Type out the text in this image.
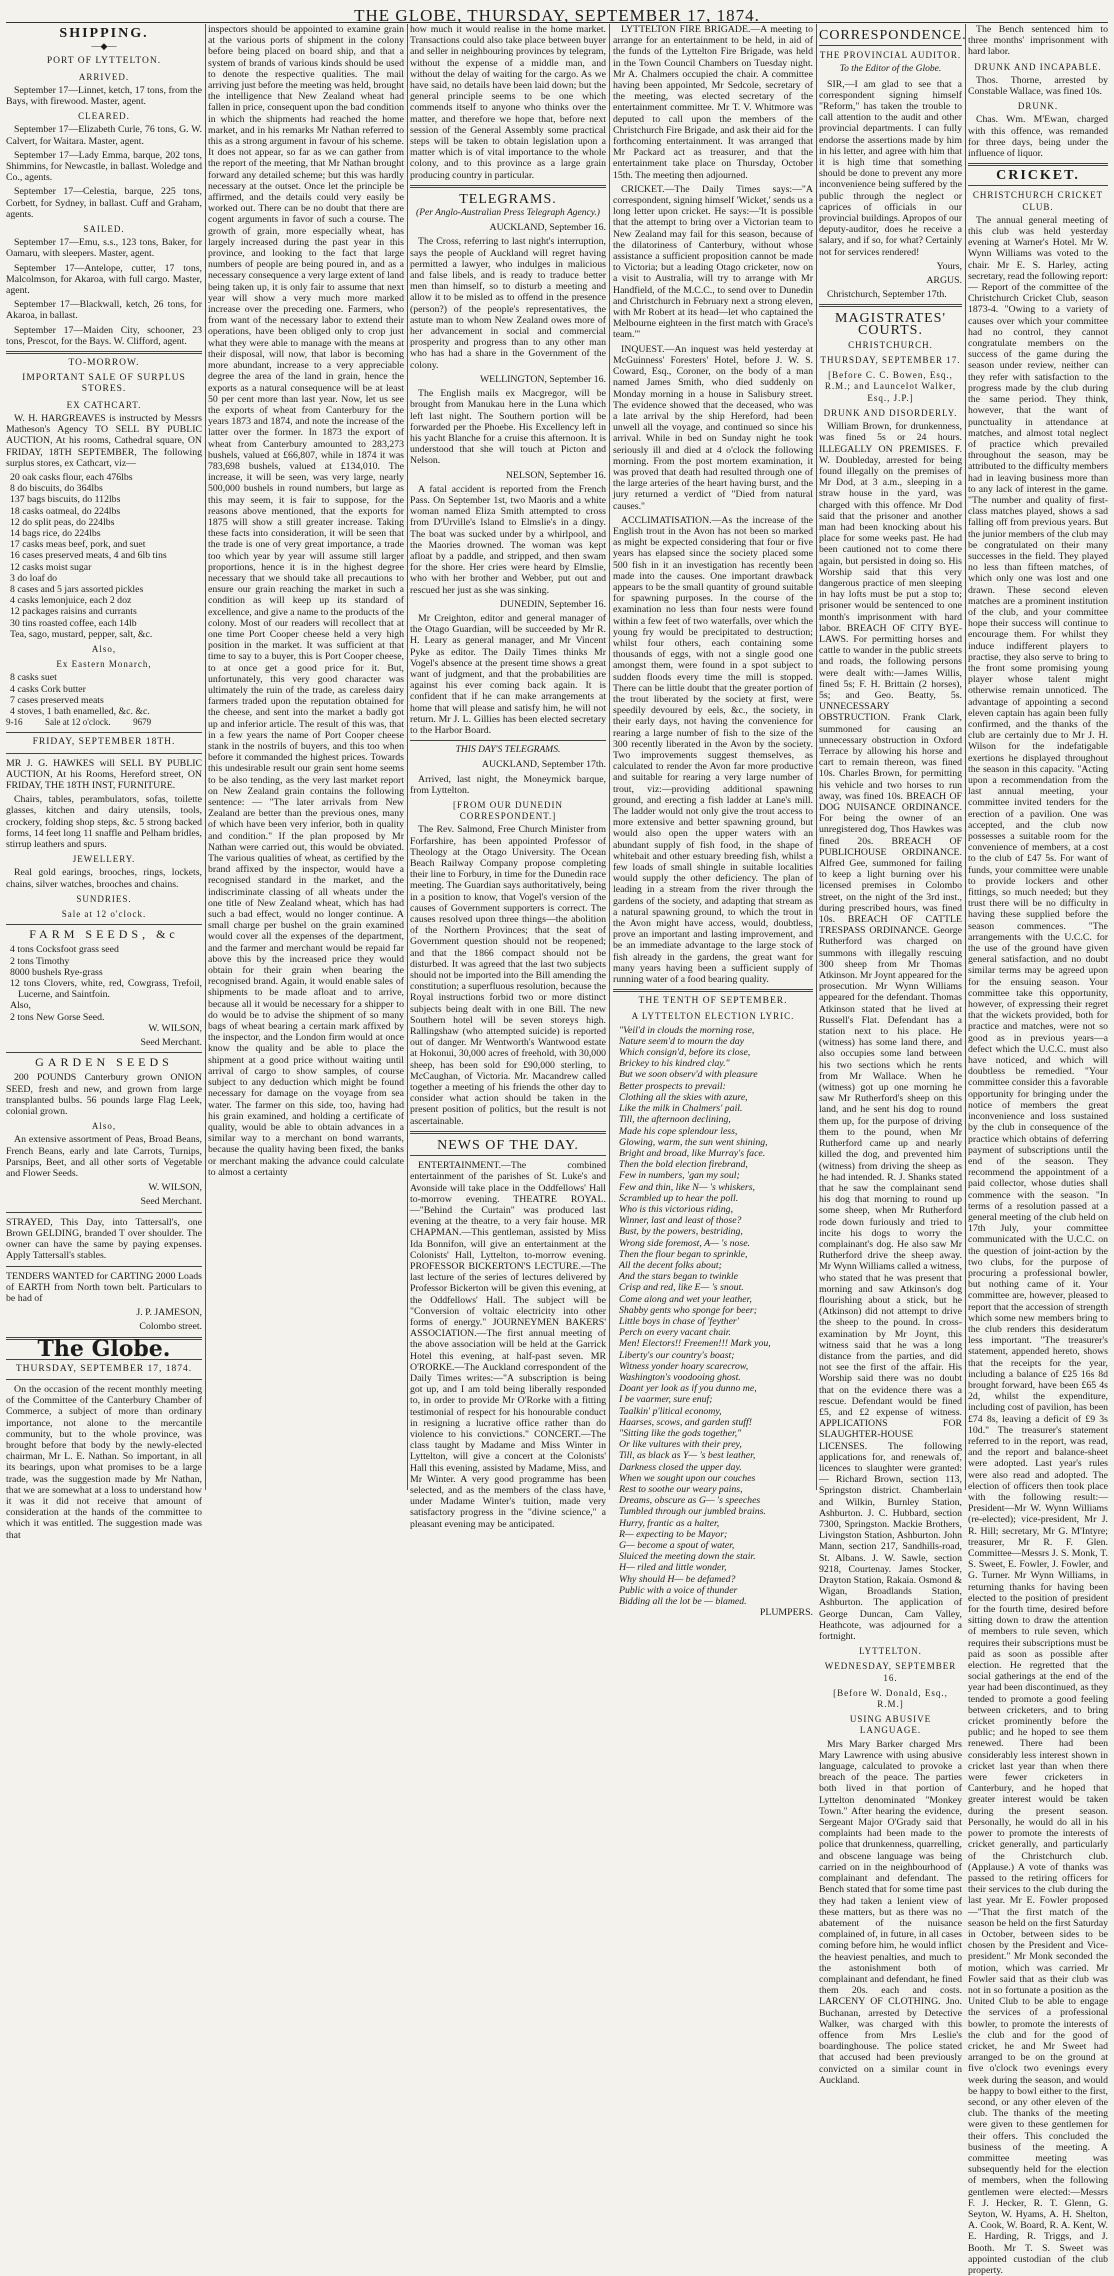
THE GLOBE, THURSDAY, SEPTEMBER 17, 1874.
SHIPPING.
―◆―
PORT OF LYTTELTON.
ARRIVED.

September 17—Linnet, ketch, 17 tons, from the Bays, with firewood. Master, agent.

CLEARED.

September 17—Elizabeth Curle, 76 tons, G. W. Calvert, for Waitara. Master, agent.

September 17—Lady Emma, barque, 202 tons, Shimmins, for Newcastle, in ballast. Woledge and Co., agents.

September 17—Celestia, barque, 225 tons, Corbett, for Sydney, in ballast. Cuff and Graham, agents.

SAILED.

September 17—Emu, s.s., 123 tons, Baker, for Oamaru, with sleepers. Master, agent.

September 17—Antelope, cutter, 17 tons, Malcolmson, for Akaroa, with full cargo. Master, agent.

September 17—Blackwall, ketch, 26 tons, for Akaroa, in ballast.

September 17—Maiden City, schooner, 23 tons, Prescot, for the Bays. W. Clifford, agent.

TO-MORROW.
IMPORTANT SALE OF SURPLUS STORES.
EX CATHCART.

W. H. HARGREAVES is instructed by Messrs Matheson's Agency TO SELL BY PUBLIC AUCTION, At his rooms, Cathedral square, ON FRIDAY, 18TH SEPTEMBER, The following surplus stores, ex Cathcart, viz—

20 oak casks flour, each 476lbs
8 do biscuits, do 364lbs
137 bags biscuits, do 112lbs
18 casks oatmeal, do 224lbs
12 do split peas, do 224lbs
14 bags rice, do 224lbs
17 casks meas beef, pork, and suet
16 cases preserved meats, 4 and 6lb tins
12 casks moist sugar
3 do loaf do
8 cases and 5 jars assorted pickles
4 casks lemonjuice, each 2 doz
12 packages raisins and currants
30 tins roasted coffee, each 14lb
Tea, sago, mustard, pepper, salt, &c.
Also,
Ex Eastern Monarch,
8 casks suet
4 casks Cork butter
7 cases preserved meats
4 stoves, 1 bath enamelled, &c. &c.
9-16          Sale at 12 o'clock.          9679
FRIDAY, SEPTEMBER 18TH.

MR J. G. HAWKES will SELL BY PUBLIC AUCTION, At his Rooms, Hereford street, ON FRIDAY, THE 18TH INST, FURNITURE.

Chairs, tables, perambulators, sofas, toilette glasses, kitchen and dairy utensils, tools, crockery, folding shop steps, &c. 5 strong backed forms, 14 feet long 11 snaffle and Pelham bridles, stirrup leathers and spurs.

JEWELLERY.

Real gold earings, brooches, rings, lockets, chains, silver watches, brooches and chains.

SUNDRIES.
Sale at 12 o'clock.
FARM SEEDS, &c
4 tons Cocksfoot grass seed
2 tons Timothy
8000 bushels Rye-grass
12 tons Clovers, white, red, Cowgrass, Trefoil, Lucerne, and Saintfoin.
Also,
2 tons New Gorse Seed.
W. WILSON,
Seed Merchant.
GARDEN SEEDS

200 POUNDS Canterbury grown ONION SEED, fresh and new, and grown from large transplanted bulbs. 56 pounds large Flag Leek, colonial grown.

Also,

An extensive assortment of Peas, Broad Beans, French Beans, early and late Carrots, Turnips, Parsnips, Beet, and all other sorts of Vegetable and Flower Seeds.

W. WILSON,
Seed Merchant.

STRAYED, This Day, into Tattersall's, one Brown GELDING, branded T over shoulder. The owner can have the same by paying expenses. Apply Tattersall's stables.

TENDERS WANTED for CARTING 2000 Loads of EARTH from North town belt. Particulars to be had of

J. P. JAMESON,
Colombo street.
The Globe.
THURSDAY, SEPTEMBER 17, 1874.

On the occasion of the recent monthly meeting of the Committee of the Canterbury Chamber of Commerce, a subject of more than ordinary importance, not alone to the mercantile community, but to the whole province, was brought before that body by the newly-elected chairman, Mr L. E. Nathan. So important, in all its bearings, upon what promises to be a large trade, was the suggestion made by Mr Nathan, that we are somewhat at a loss to understand how it was it did not receive that amount of consideration at the hands of the committee to which it was entitled. The suggestion made was that

inspectors should be appointed to examine grain at the various ports of shipment in the colony before being placed on board ship, and that a system of brands of various kinds should be used to denote the respective qualities. The mail arriving just before the meeting was held, brought the intelligence that New Zealand wheat had fallen in price, consequent upon the bad condition in which the shipments had reached the home market, and in his remarks Mr Nathan referred to this as a strong argument in favour of his scheme. It does not appear, so far as we can gather from the report of the meeting, that Mr Nathan brought forward any detailed scheme; but this was hardly necessary at the outset. Once let the principle be affirmed, and the details could very easily be worked out. There can be no doubt that there are cogent arguments in favor of such a course. The growth of grain, more especially wheat, has largely increased during the past year in this province, and looking to the fact that large numbers of people are being poured in, and as a necessary consequence a very large extent of land being taken up, it is only fair to assume that next year will show a very much more marked increase over the preceding one. Farmers, who from want of the necessary labor to extend their operations, have been obliged only to crop just what they were able to manage with the means at their disposal, will now, that labor is becoming more abundant, increase to a very appreciable degree the area of the land in grain, hence the exports as a natural consequence will be at least 50 per cent more than last year. Now, let us see the exports of wheat from Canterbury for the years 1873 and 1874, and note the increase of the latter over the former. In 1873 the export of wheat from Canterbury amounted to 283,273 bushels, valued at £66,807, while in 1874 it was 783,698 bushels, valued at £134,010. The increase, it will be seen, was very large, nearly 500,000 bushels in round numbers, but large as this may seem, it is fair to suppose, for the reasons above mentioned, that the exports for 1875 will show a still greater increase. Taking these facts into consideration, it will be seen that the trade is one of very great importance, a trade too which year by year will assume still larger proportions, hence it is in the highest degree necessary that we should take all precautions to ensure our grain reaching the market in such a condition as will keep up its standard of excellence, and give a name to the products of the colony. Most of our readers will recollect that at one time Port Cooper cheese held a very high position in the market. It was sufficient at that time to say to a buyer, this is Port Cooper cheese, to at once get a good price for it. But, unfortunately, this very good character was ultimately the ruin of the trade, as careless dairy farmers traded upon the reputation obtained for the cheese, and sent into the market a badly got up and inferior article. The result of this was, that in a few years the name of Port Cooper cheese stank in the nostrils of buyers, and this too when before it commanded the highest prices. Towards this undesirable result our grain sent home seems to be also tending, as the very last market report on New Zealand grain contains the following sentence: — "The later arrivals from New Zealand are better than the previous ones, many of which have been very inferior, both in quality and condition." If the plan proposed by Mr Nathan were carried out, this would be obviated. The various qualities of wheat, as certified by the brand affixed by the inspector, would have a recognised standard in the market, and the indiscriminate classing of all wheats under the one title of New Zealand wheat, which has had such a bad effect, would no longer continue. A small charge per bushel on the grain examined would cover all the expenses of the department, and the farmer and merchant would be repaid far above this by the increased price they would obtain for their grain when bearing the recognised brand. Again, it would enable sales of shipments to be made afloat and to arrive, because all it would be necessary for a shipper to do would be to advise the shipment of so many bags of wheat bearing a certain mark affixed by the inspector, and the London firm would at once know the quality and be able to place the shipment at a good price without waiting until arrival of cargo to show samples, of course subject to any deduction which might be found necessary for damage on the voyage from sea water. The farmer on this side, too, having had his grain examined, and holding a certificate of quality, would be able to obtain advances in a similar way to a merchant on bond warrants, because the quality having been fixed, the banks or merchant making the advance could calculate to almost a certainty

how much it would realise in the home market. Transactions could also take place between buyer and seller in neighbouring provinces by telegram, without the expense of a middle man, and without the delay of waiting for the cargo. As we have said, no details have been laid down; but the general principle seems to be one which commends itself to anyone who thinks over the matter, and therefore we hope that, before next session of the General Assembly some practical steps will be taken to obtain legislation upon a matter which is of vital importance to the whole colony, and to this province as a large grain producing country in particular.

TELEGRAMS.
(Per Anglo-Australian Press Telegraph Agency.)
AUCKLAND, September 16.

The Cross, referring to last night's interruption, says the people of Auckland will regret having permitted a lawyer, who indulges in malicious and false libels, and is ready to traduce better men than himself, so to disturb a meeting and allow it to be misled as to offend in the presence (person?) of the people's representatives, the astute man to whom New Zealand owes more of her advancement in social and commercial prosperity and progress than to any other man who has had a share in the Government of the colony.

WELLINGTON, September 16.

The English mails ex Macgregor, will be brought from Manukau here in the Luna which left last night. The Southern portion will be forwarded per the Phoebe. His Excellency left in his yacht Blanche for a cruise this afternoon. It is understood that she will touch at Picton and Nelson.

NELSON, September 16.

A fatal accident is reported from the French Pass. On September 1st, two Maoris and a white woman named Eliza Smith attempted to cross from D'Urville's Island to Elmslie's in a dingy. The boat was sucked under by a whirlpool, and the Maories drowned. The woman was kept afloat by a paddle, and stripped, and then swam for the shore. Her cries were heard by Elmslie, who with her brother and Webber, put out and rescued her just as she was sinking.

DUNEDIN, September 16.

Mr Creighton, editor and general manager of the Otago Guardian, will be succeeded by Mr R. H. Leary as general manager, and Mr Vincent Pyke as editor. The Daily Times thinks Mr Vogel's absence at the present time shows a great want of judgment, and that the probabilities are against his ever coming back again. It is confident that if he can make arrangements at home that will please and satisfy him, he will not return. Mr J. L. Gillies has been elected secretary to the Harbor Board.

THIS DAY'S TELEGRAMS.
AUCKLAND, September 17th.

Arrived, last night, the Moneymick barque, from Lyttelton.

[FROM OUR DUNEDIN CORRESPONDENT.]

The Rev. Salmond, Free Church Minister from Forfarshire, has been appointed Professor of Theology at the Otago University. The Ocean Beach Railway Company propose completing their line to Forbury, in time for the Dunedin race meeting. The Guardian says authoritatively, being in a position to know, that Vogel's version of the causes of Government supporters is correct. The causes resolved upon three things—the abolition of the Northern Provinces; that the seat of Government question should not be reopened; and that the 1866 compact should not be disturbed. It was agreed that the last two subjects should not be imported into the Bill amending the constitution; a superfluous resolution, because the Royal instructions forbid two or more distinct subjects being dealt with in one Bill. The new Southern hotel will be seven storeys high. Rallingshaw (who attempted suicide) is reported out of danger. Mr Wentworth's Wantwood estate at Hokonui, 30,000 acres of freehold, with 30,000 sheep, has been sold for £90,000 sterling, to McCaughan, of Victoria. Mr. Macandrew called together a meeting of his friends the other day to consider what action should be taken in the present position of politics, but the result is not ascertainable.

NEWS OF THE DAY.

ENTERTAINMENT.—The combined entertainment of the parishes of St. Luke's and Avonside will take place in the Oddfellows' Hall to-morrow evening. THEATRE ROYAL.—"Behind the Curtain" was produced last evening at the theatre, to a very fair house. MR CHAPMAN.—This gentleman, assisted by Miss Ida Bonnifon, will give an entertainment at the Colonists' Hall, Lyttelton, to-morrow evening. PROFESSOR BICKERTON'S LECTURE.—The last lecture of the series of lectures delivered by Professor Bickerton will be given this evening, at the Oddfellows' Hall. The subject will be "Conversion of voltaic electricity into other forms of energy." JOURNEYMEN BAKERS' ASSOCIATION.—The first annual meeting of the above association will be held at the Garrick Hotel this evening, at half-past seven. MR O'RORKE.—The Auckland correspondent of the Daily Times writes:—"A subscription is being got up, and I am told being liberally responded to, in order to provide Mr O'Rorke with a fitting testimonial of respect for his honourable conduct in resigning a lucrative office rather than do violence to his convictions." CONCERT.—The class taught by Madame and Miss Winter in Lyttelton, will give a concert at the Colonists' Hall this evening, assisted by Madame, Miss, and Mr Winter. A very good programme has been selected, and as the members of the class have, under Madame Winter's tuition, made very satisfactory progress in the "divine science," a pleasant evening may be anticipated.

LYTTELTON FIRE BRIGADE.—A meeting to arrange for an entertainment to be held, in aid of the funds of the Lyttelton Fire Brigade, was held in the Town Council Chambers on Tuesday night. Mr A. Chalmers occupied the chair. A committee having been appointed, Mr Sedcole, secretary of the meeting, was elected secretary of the entertainment committee. Mr T. V. Whitmore was deputed to call upon the members of the Christchurch Fire Brigade, and ask their aid for the forthcoming entertainment. It was arranged that Mr Packard act as treasurer, and that the entertainment take place on Thursday, October 15th. The meeting then adjourned.

CRICKET.—The Daily Times says:—"A correspondent, signing himself 'Wicket,' sends us a long letter upon cricket. He says:—'It is possible that the attempt to bring over a Victorian team to New Zealand may fail for this season, because of the dilatoriness of Canterbury, without whose assistance a sufficient proposition cannot be made to Victoria; but a leading Otago cricketer, now on a visit to Australia, will try to arrange with Mr Handfield, of the M.C.C., to send over to Dunedin and Christchurch in February next a strong eleven, with Mr Robert at its head—let who captained the Melbourne eighteen in the first match with Grace's team.'"

INQUEST.—An inquest was held yesterday at McGuinness' Foresters' Hotel, before J. W. S. Coward, Esq., Coroner, on the body of a man named James Smith, who died suddenly on Monday morning in a house in Salisbury street. The evidence showed that the deceased, who was a late arrival by the ship Hereford, had been unwell all the voyage, and continued so since his arrival. While in bed on Sunday night he took seriously ill and died at 4 o'clock the following morning. From the post mortem examination, it was proved that death had resulted through one of the large arteries of the heart having burst, and the jury returned a verdict of "Died from natural causes."

ACCLIMATISATION.—As the increase of the English trout in the Avon has not been so marked as might be expected considering that four or five years has elapsed since the society placed some 500 fish in it an investigation has recently been made into the causes. One important drawback appears to be the small quantity of ground suitable for spawning purposes. In the course of the examination no less than four nests were found within a few feet of two waterfalls, over which the young fry would be precipitated to destruction; whilst four others, each containing some thousands of eggs, with not a single good one amongst them, were found in a spot subject to sudden floods every time the mill is stopped. There can be little doubt that the greater portion of the trout liberated by the society at first, were speedily devoured by eels, &c., the society, in their early days, not having the convenience for rearing a large number of fish to the size of the 300 recently liberated in the Avon by the society. Two improvements suggest themselves, as calculated to render the Avon far more productive and suitable for rearing a very large number of trout, viz:—providing additional spawning ground, and erecting a fish ladder at Lane's mill. The ladder would not only give the trout access to more extensive and better spawning ground, but would also open the upper waters with an abundant supply of fish food, in the shape of whitebait and other estuary breeding fish, whilst a few loads of small shingle in suitable localities would supply the other deficiency. The plan of leading in a stream from the river through the gardens of the society, and adapting that stream as a natural spawning ground, to which the trout in the Avon might have access, would, doubtless, prove an important and lasting improvement, and be an immediate advantage to the large stock of fish already in the gardens, the great want for many years having been a sufficient supply of running water of a food bearing quality.

THE TENTH OF SEPTEMBER.
A LYTTELTON ELECTION LYRIC.

"Veil'd in clouds the morning rose,

Nature seem'd to mourn the day

Which consign'd, before its close,

Brickey to his kindred clay."

But we soon observ'd with pleasure

Better prospects to prevail:

Clothing all the skies with azure,

Like the milk in Chalmers' pail.

Till, the afternoon declining,

Made his cope splendour less,

Glowing, warm, the sun went shining,

Bright and broad, like Murray's face.

Then the bold election firebrand,

Few in numbers, 'gan my soul;

Few and thin, like N— 's whiskers,

Scrambled up to hear the poll.

Who is this victorious riding,

Winner, last and least of those?

Bust, by the powers, bestriding,

Wrong side foremost, A— 's nose.

Then the flour began to sprinkle,

All the decent folks about;

And the stars began to twinkle

Crisp and red, like E— 's snout.

Come along and wet your leather,

Shabby gents who sponge for beer;

Little boys in chase of 'feyther'

Perch on every vacant chair.

Men! Electors!! Freemen!!! Mark you,

Liberty's our country's boast;

Witness yonder hoary scarecrow,

Washington's voodooing ghost.

Doant yer look as if you dunno me,

I be vaarmer, sure enuf;

Taalkin' p'litical economy,

Haarses, scows, and garden stuff!

"Sitting like the gods together,"

Or like vultures with their prey,

Till, as black as Y— 's best leather,

Darkness closed the upper day.

When we sought upon our couches

Rest to soothe our weary pains,

Dreams, obscure as G— 's speeches

Tumbled through our jumbled brains.

Hurry, frantic as a halter,

R— expecting to be Mayor;

G— become a spout of water,

Sluiced the meeting down the stair.

H— riled and little wonder,

Why should H— be defamed?

Public with a voice of thunder

Bidding all the lot be — blamed.

PLUMPERS.
CORRESPONDENCE.
THE PROVINCIAL AUDITOR.
To the Editor of the Globe.

SIR,—I am glad to see that a correspondent signing himself "Reform," has taken the trouble to call attention to the audit and other provincial departments. I can fully endorse the assertions made by him in his letter, and agree with him that it is high time that something should be done to prevent any more inconvenience being suffered by the public through the neglect or caprices of officials in our provincial buildings. Apropos of our deputy-auditor, does he receive a salary, and if so, for what? Certainly not for services rendered!

Yours,
ARGUS.

Christchurch, September 17th.

MAGISTRATES' COURTS.
CHRISTCHURCH.
THURSDAY, SEPTEMBER 17.
[Before C. C. Bowen, Esq., R.M.; and Launcelot Walker, Esq., J.P.]
DRUNK AND DISORDERLY.

William Brown, for drunkenness, was fined 5s or 24 hours. ILLEGALLY ON PREMISES. F. W. Doubleday, arrested for being found illegally on the premises of Mr Dod, at 3 a.m., sleeping in a straw house in the yard, was charged with this offence. Mr Dod said that the prisoner and another man had been knocking about his place for some weeks past. He had been cautioned not to come there again, but persisted in doing so. His Worship said that this very dangerous practice of men sleeping in hay lofts must be put a stop to; prisoner would be sentenced to one month's imprisonment with hard labor. BREACH OF CITY BYE-LAWS. For permitting horses and cattle to wander in the public streets and roads, the following persons were dealt with:—James Willis, fined 5s; F. H. Brittain (2 horses), 5s; and Geo. Beatty, 5s. UNNECESSARY OBSTRUCTION. Frank Clark, summoned for causing an unnecessary obstruction in Oxford Terrace by allowing his horse and cart to remain thereon, was fined 10s. Charles Brown, for permitting his vehicle and two horses to run away, was fined 10s. BREACH OF DOG NUISANCE ORDINANCE. For being the owner of an unregistered dog, Thos Hawkes was fined 20s. BREACH OF PUBLICHOUSE ORDINANCE. Alfred Gee, summoned for failing to keep a light burning over his licensed premises in Colombo street, on the night of the 3rd inst., during prescribed hours, was fined 10s. BREACH OF CATTLE TRESPASS ORDINANCE. George Rutherford was charged on summons with illegally rescuing 300 sheep from Mr Thomas Atkinson. Mr Joynt appeared for the prosecution. Mr Wynn Williams appeared for the defendant. Thomas Atkinson stated that he lived at Russell's Flat. Defendant has a station next to his place. He (witness) has some land there, and also occupies some land between his two sections which he rents from Mr Wallace. When he (witness) got up one morning he saw Mr Rutherford's sheep on this land, and he sent his dog to round them up, for the purpose of driving them to the pound, when Mr Rutherford came up and nearly killed the dog, and prevented him (witness) from driving the sheep as he had intended. R. J. Shanks stated that he saw the complainant send his dog that morning to round up some sheep, when Mr Rutherford rode down furiously and tried to incite his dogs to worry the complainant's dog. He also saw Mr Rutherford drive the sheep away. Mr Wynn Williams called a witness, who stated that he was present that morning and saw Atkinson's dog flourishing about a stick, but he (Atkinson) did not attempt to drive the sheep to the pound. In cross-examination by Mr Joynt, this witness said that he was a long distance from the parties, and did not see the first of the affair. His Worship said there was no doubt that on the evidence there was a rescue. Defendant would be fined £5, and £2 expense of witness. APPLICATIONS FOR SLAUGHTER-HOUSE LICENSES. The following applications for, and renewals of, licences to slaughter were granted:— Richard Brown, section 113, Springston district. Chamberlain and Wilkin, Burnley Station, Ashburton. J. C. Hubbard, section 7300, Springston. Mackie Brothers, Livingston Station, Ashburton. John Mann, section 217, Sandhills-road, St. Albans. J. W. Sawle, section 9218, Courtenay. James Stocker, Drayton Station, Rakaia. Osmond & Wigan, Broadlands Station, Ashburton. The application of George Duncan, Cam Valley, Heathcote, was adjourned for a fortnight.

LYTTELTON.
WEDNESDAY, SEPTEMBER 16.
[Before W. Donald, Esq., R.M.]
USING ABUSIVE LANGUAGE.

Mrs Mary Barker charged Mrs Mary Lawrence with using abusive language, calculated to provoke a breach of the peace. The parties both lived in that portion of Lyttelton denominated "Monkey Town." After hearing the evidence, Sergeant Major O'Grady said that complaints had been made to the police that drunkenness, quarrelling, and obscene language was being carried on in the neighbourhood of complainant and defendant. The Bench stated that for some time past they had taken a lenient view of these matters, but as there was no abatement of the nuisance complained of, in future, in all cases coming before him, he would inflict the heaviest penalties, and much to the astonishment both of complainant and defendant, he fined them 20s. each and costs. LARCENY OF CLOTHING. Jno. Buchanan, arrested by Detective Walker, was charged with this offence from Mrs Leslie's boardinghouse. The police stated that accused had been previously convicted on a similar count in Auckland.

The Bench sentenced him to three months' imprisonment with hard labor.

DRUNK AND INCAPABLE.

Thos. Thorne, arrested by Constable Wallace, was fined 10s.

DRUNK.

Chas. Wm. M'Ewan, charged with this offence, was remanded for three days, being under the influence of liquor.

CRICKET.
CHRISTCHURCH CRICKET CLUB.

The annual general meeting of this club was held yesterday evening at Warner's Hotel. Mr W. Wynn Williams was voted to the chair. Mr E. S. Harley, acting secretary, read the following report:— Report of the committee of the Christchurch Cricket Club, season 1873-4. "Owing to a variety of causes over which your committee had no control, they cannot congratulate members on the success of the game during the season under review, neither can they refer with satisfaction to the progress made by the club during the same period. They think, however, that the want of punctuality in attendance at matches, and almost total neglect of practice which prevailed throughout the season, may be attributed to the difficulty members had in leaving business more than to any lack of interest in the game. "The number and quality of first-class matches played, shows a sad falling off from previous years. But the junior members of the club may be congratulated on their many successes in the field. They played no less than fifteen matches, of which only one was lost and one drawn. These second eleven matches are a prominent institution of the club, and your committee hope their success will continue to encourage them. For whilst they induce indifferent players to practise, they also serve to bring to the front some promising young player whose talent might otherwise remain unnoticed. The advantage of appointing a second eleven captain has again been fully confirmed, and the thanks of the club are certainly due to Mr J. H. Wilson for the indefatigable exertions he displayed throughout the season in this capacity. "Acting upon a recommendation from the last annual meeting, your committee invited tenders for the erection of a pavilion. One was accepted, and the club now possesses a suitable room for the convenience of members, at a cost to the club of £47 5s. For want of funds, your committee were unable to provide lockers and other fittings, so much needed; but they trust there will be no difficulty in having these supplied before the season commences. "The arrangements with the U.C.C. for the use of the ground have given general satisfaction, and no doubt similar terms may be agreed upon for the ensuing season. Your committee take this opportunity, however, of expressing their regret that the wickets provided, both for practice and matches, were not so good as in previous years—a defect which the U.C.C. must also have noticed, and which will doubtless be remedied. "Your committee consider this a favorable opportunity for bringing under the notice of members the great inconvenience and loss sustained by the club in consequence of the practice which obtains of deferring payment of subscriptions until the end of the season. They recommend the appointment of a paid collector, whose duties shall commence with the season. "In terms of a resolution passed at a general meeting of the club held on 17th July, your committee communicated with the U.C.C. on the question of joint-action by the two clubs, for the purpose of procuring a professional bowler, but nothing came of it. Your committee are, however, pleased to report that the accession of strength which some new members bring to the club renders this desideratum less important. "The treasurer's statement, appended hereto, shows that the receipts for the year, including a balance of £25 16s 8d brought forward, have been £65 4s 2d, whilst the expenditure, including cost of pavilion, has been £74 8s, leaving a deficit of £9 3s 10d." The treasurer's statement referred to in the report, was read, and the report and balance-sheet were adopted. Last year's rules were also read and adopted. The election of officers then took place with the following result:—President—Mr W. Wynn Williams (re-elected); vice-president, Mr J. R. Hill; secretary, Mr G. M'Intyre; treasurer, Mr R. F. Glen. Committee—Messrs J. S. Monk, T. S. Sweet, E. Fowler, J. Fowler, and G. Turner. Mr Wynn Williams, in returning thanks for having been elected to the position of president for the fourth time, desired before sitting down to draw the attention of members to rule seven, which requires their subscriptions must be paid as soon as possible after election. He regretted that the social gatherings at the end of the year had been discontinued, as they tended to promote a good feeling between cricketers, and to bring cricket prominently before the public; and he hoped to see them renewed. There had been considerably less interest shown in cricket last year than when there were fewer cricketers in Canterbury, and he hoped that greater interest would be taken during the present season. Personally, he would do all in his power to promote the interests of cricket generally, and particularly of the Christchurch club. (Applause.) A vote of thanks was passed to the retiring officers for their services to the club during the last year. Mr E. Fowler proposed—"That the first match of the season be held on the first Saturday in October, between sides to be chosen by the President and Vice-president." Mr Monk seconded the motion, which was carried. Mr Fowler said that as their club was not in so fortunate a position as the United Club to be able to engage the services of a professional bowler, to promote the interests of the club and for the good of cricket, he and Mr Sweet had arranged to be on the ground at five o'clock two evenings every week during the season, and would be happy to bowl either to the first, second, or any other eleven of the club. The thanks of the meeting were given to these gentlemen for their offers. This concluded the business of the meeting. A committee meeting was subsequently held for the election of members, when the following gentlemen were elected:—Messrs F. J. Hecker, R. T. Glenn, G. Seyton, W. Hyams, A. H. Shelton, A. Cook, W. Board, R. A. Kent, W. E. Harding, R. Triggs, and J. Booth. Mr T. S. Sweet was appointed custodian of the club property.
